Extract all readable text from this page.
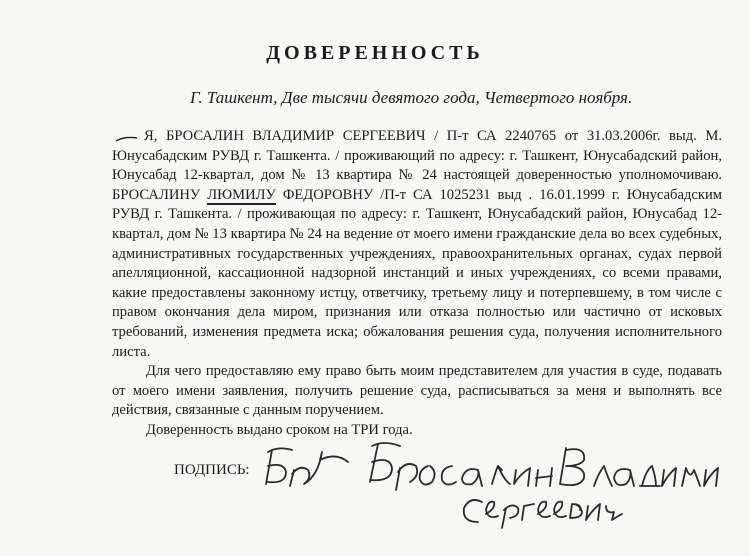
ДОВЕРЕННОСТЬ
Г. Ташкент, Две тысячи девятого года, Четвертого ноября.

Я, БРОСАЛИН ВЛАДИМИР СЕРГЕЕВИЧ / П-т СА 2240765 от 31.03.2006г. выд. М. Юнусабадским РУВД г. Ташкента. / проживающий по адресу: г. Ташкент, Юнусабадский район, Юнусабад 12-квартал, дом № 13 квартира № 24 настоящей доверенностью уполномочиваю. БРОСАЛИНУ ЛЮМИЛУ ФЕДОРОВНУ /П-т СА 1025231 выд . 16.01.1999 г. Юнусабадским РУВД г. Ташкента. / проживающая по адресу: г. Ташкент, Юнусабадский район, Юнусабад 12-квартал, дом № 13 квартира № 24 на ведение от моего имени гражданские дела во всех судебных, административных государственных учреждениях, правоохранительных органах, судах первой апелляционной, кассационной надзорной инстанций и иных учреждениях, со всеми правами, какие предоставлены законному истцу, ответчику, третьему лицу и потерпевшему, в том числе с правом окончания дела миром, признания или отказа полностью или частично от исковых требований, изменения предмета иска; обжалования решения суда, получения исполнительного листа.

Для чего предоставляю ему право быть моим представителем для участия в суде, подавать от моего имени заявления, получить решение суда, расписываться за меня и выполнять все действия, связанные с данным поручением.

Доверенность выдано сроком на ТРИ года.

ПОДПИСЬ:
